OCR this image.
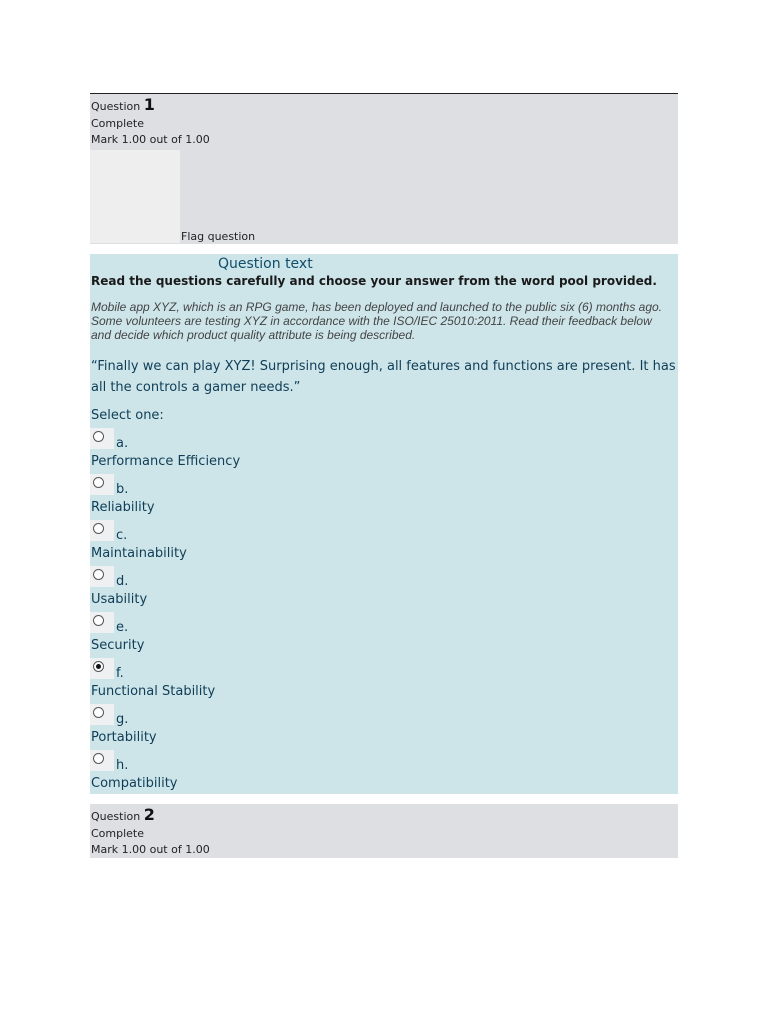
Question 1
Complete
Mark 1.00 out of 1.00
Flag question
Question text
Read the questions carefully and choose your answer from the word pool provided.
Mobile app XYZ, which is an RPG game, has been deployed and launched to the public six (6) months ago. Some volunteers are testing XYZ in accordance with the ISO/IEC 25010:2011. Read their feedback below and decide which product quality attribute is being described.
“Finally we can play XYZ! Surprising enough, all features and functions are present. It has all the controls a gamer needs.”
Select one:
a.
Performance Efficiency
b.
Reliability
c.
Maintainability
d.
Usability
e.
Security
f.
Functional Stability
g.
Portability
h.
Compatibility
Question 2
Complete
Mark 1.00 out of 1.00
